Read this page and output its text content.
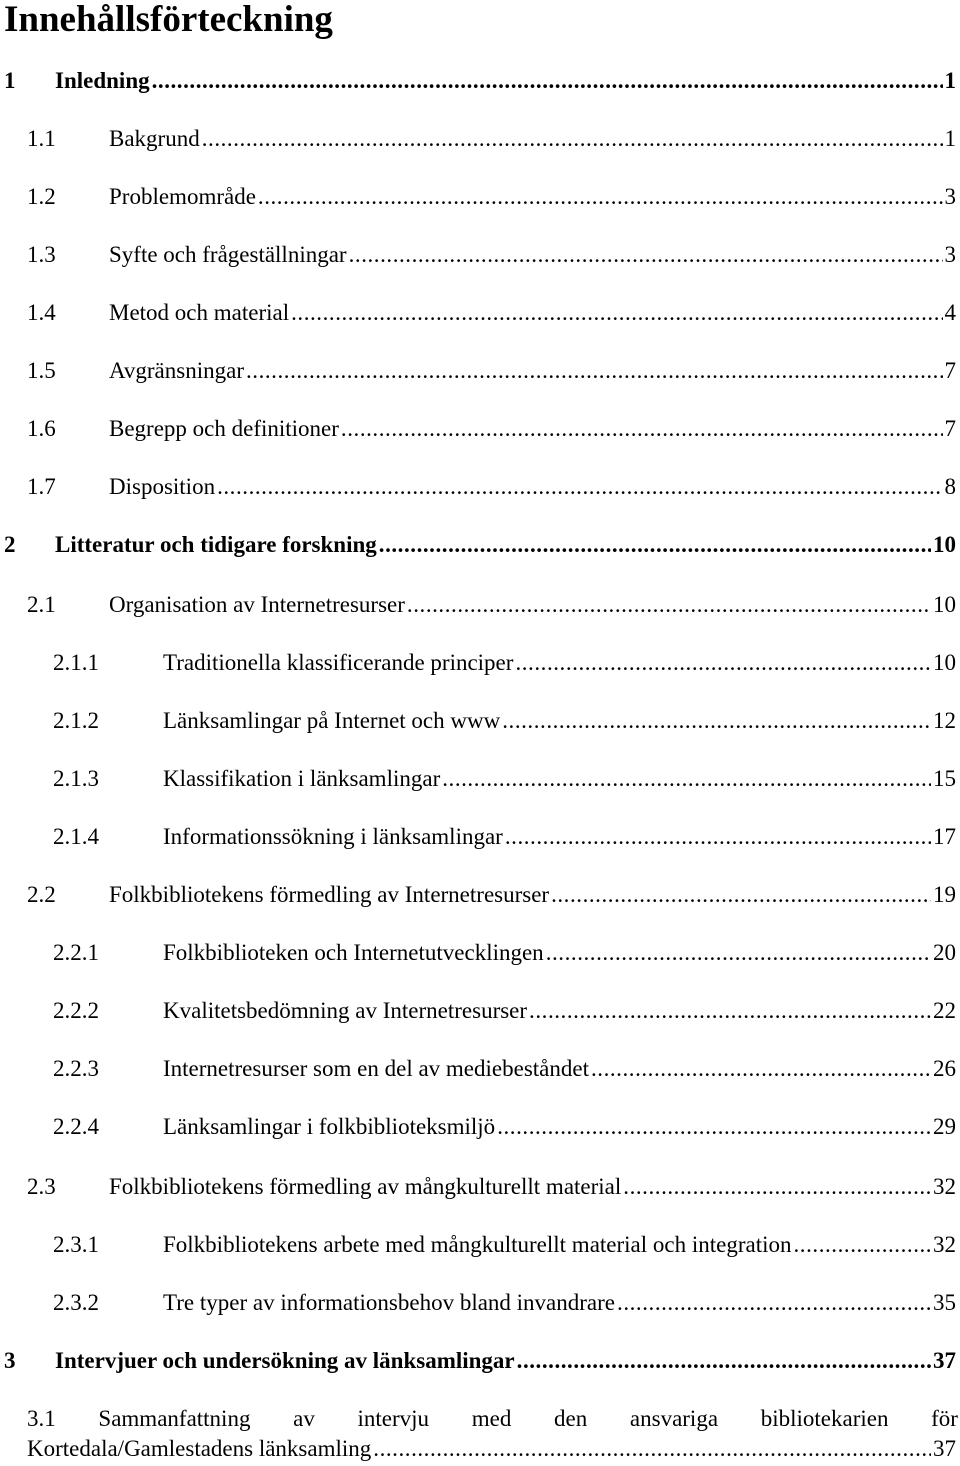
Innehållsförteckning
1 Inledning . . .	1
1.1 Bakgrund . . .	1
1.2 Problemområde . . .	3
1.3 Syfte och frågeställningar . . .	3
1.4 Metod och material . . .	4
1.5 Avgränsningar . . .	7
1.6 Begrepp och definitioner . . .	7
1.7 Disposition . . .	8
2 Litteratur och tidigare forskning . . .	10
2.1 Organisation av Internetresurser . . .	10
2.1.1	Traditionella klassificerande principer . . .	10
2.1.2	Länksamlingar på Internet och www . . .	12
2.1.3	Klassifikation i länksamlingar . . .	15
2.1.4	Informationssökning i länksamlingar . . .	17
2.2 Folkbibliotekens förmedling av Internetresurser . . .	19
2.2.1	Folkbiblioteken och Internetutvecklingen . . .	20
2.2.2	Kvalitetsbedömning av Internetresurser . . .	22
2.2.3	Internetresurser som en del av mediebeståndet . . .	26
2.2.4	Länksamlingar i folkbiblioteksmiljö . . .	29
2.3 Folkbibliotekens förmedling av mångkulturellt material . . .	32
2.3.1	Folkbibliotekens arbete med mångkulturellt material och integration . . .	32
2.3.2	Tre typer av informationsbehov bland invandrare . . .	35
3 Intervjuer och undersökning av länksamlingar . . .	37
3.1 Sammanfattning av intervju med den ansvariga bibliotekarien för
Kortedala/Gamlestadens länksamling . . .	37
